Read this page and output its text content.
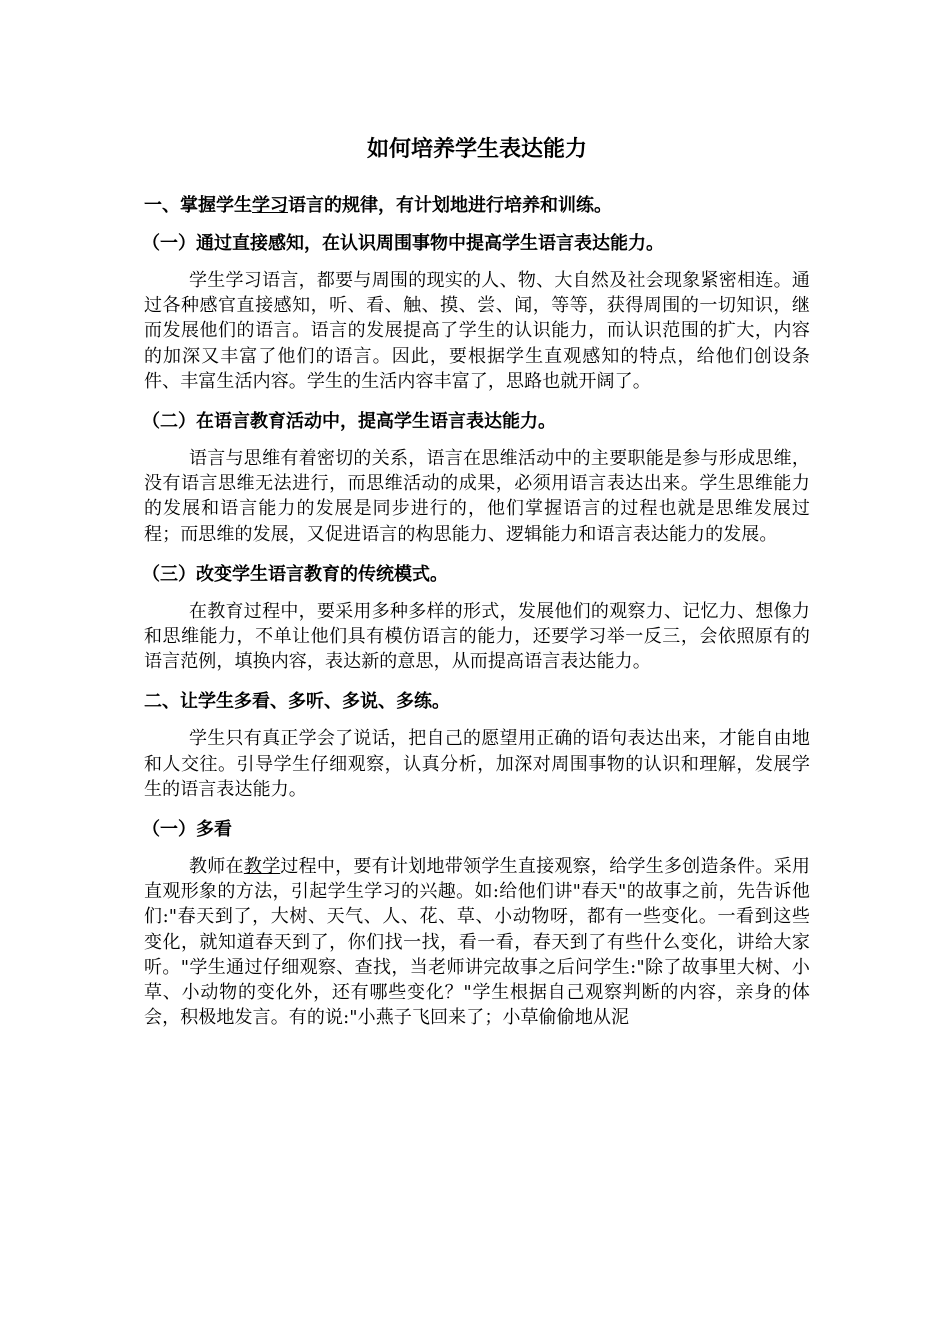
如何培养学生表达能力
一、掌握学生学习语言的规律，有计划地进行培养和训练。
（一）通过直接感知，在认识周围事物中提高学生语言表达能力。

学生学习语言，都要与周围的现实的人、物、大自然及社会现象紧密相连。通过各种感官直接感知，听、看、触、摸、尝、闻，等等，获得周围的一切知识，继而发展他们的语言。语言的发展提高了学生的认识能力，而认识范围的扩大，内容的加深又丰富了他们的语言。因此，要根据学生直观感知的特点，给他们创设条件、丰富生活内容。学生的生活内容丰富了，思路也就开阔了。

（二）在语言教育活动中，提高学生语言表达能力。

语言与思维有着密切的关系，语言在思维活动中的主要职能是参与形成思维，没有语言思维无法进行，而思维活动的成果，必须用语言表达出来。学生思维能力的发展和语言能力的发展是同步进行的，他们掌握语言的过程也就是思维发展过程；而思维的发展，又促进语言的构思能力、逻辑能力和语言表达能力的发展。

（三）改变学生语言教育的传统模式。

在教育过程中，要采用多种多样的形式，发展他们的观察力、记忆力、想像力和思维能力，不单让他们具有模仿语言的能力，还要学习举一反三，会依照原有的语言范例，填换内容，表达新的意思，从而提高语言表达能力。

二、让学生多看、多听、多说、多练。

学生只有真正学会了说话，把自己的愿望用正确的语句表达出来，才能自由地和人交往。引导学生仔细观察，认真分析，加深对周围事物的认识和理解，发展学生的语言表达能力。

（一）多看

教师在教学过程中，要有计划地带领学生直接观察，给学生多创造条件。采用直观形象的方法，引起学生学习的兴趣。如:给他们讲"春天"的故事之前，先告诉他们:"春天到了，大树、天气、人、花、草、小动物呀，都有一些变化。一看到这些变化，就知道春天到了，你们找一找，看一看，春天到了有些什么变化，讲给大家听。"学生通过仔细观察、查找，当老师讲完故事之后问学生:"除了故事里大树、小草、小动物的变化外，还有哪些变化？"学生根据自己观察判断的内容，亲身的体会，积极地发言。有的说:"小燕子飞回来了；小草偷偷地从泥
